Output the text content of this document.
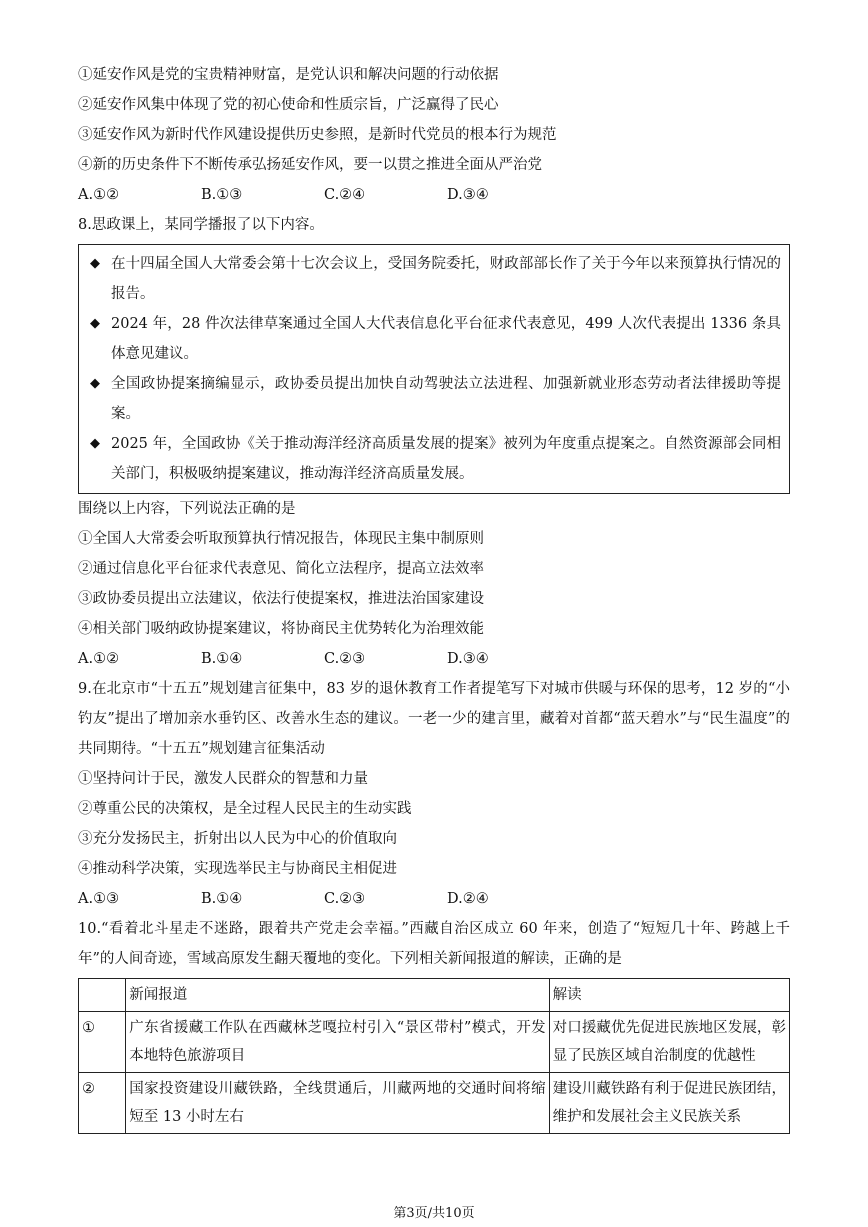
①延安作风是党的宝贵精神财富，是党认识和解决问题的行动依据
②延安作风集中体现了党的初心使命和性质宗旨，广泛赢得了民心
③延安作风为新时代作风建设提供历史参照，是新时代党员的根本行为规范
④新的历史条件下不断传承弘扬延安作风，要一以贯之推进全面从严治党
A.①②	B.①③	C.②④	D.③④
8.思政课上，某同学播报了以下内容。
◆ 在十四届全国人大常委会第十七次会议上，受国务院委托，财政部部长作了关于今年以来预算执行情况的报告。
◆ 2024 年，28 件次法律草案通过全国人大代表信息化平台征求代表意见，499 人次代表提出 1336 条具体意见建议。
◆ 全国政协提案摘编显示，政协委员提出加快自动驾驶法立法进程、加强新就业形态劳动者法律援助等提案。
◆ 2025 年，全国政协《关于推动海洋经济高质量发展的提案》被列为年度重点提案之。自然资源部会同相关部门，积极吸纳提案建议，推动海洋经济高质量发展。
围绕以上内容，下列说法正确的是
①全国人大常委会听取预算执行情况报告，体现民主集中制原则
②通过信息化平台征求代表意见、简化立法程序，提高立法效率
③政协委员提出立法建议，依法行使提案权，推进法治国家建设
④相关部门吸纳政协提案建议，将协商民主优势转化为治理效能
A.①②	B.①④	C.②③	D.③④
9.在北京市“十五五”规划建言征集中，83 岁的退休教育工作者提笔写下对城市供暖与环保的思考，12 岁的“小钓友”提出了增加亲水垂钓区、改善水生态的建议。一老一少的建言里，藏着对首都“蓝天碧水”与“民生温度”的共同期待。“十五五”规划建言征集活动
①坚持问计于民，激发人民群众的智慧和力量
②尊重公民的决策权，是全过程人民民主的生动实践
③充分发扬民主，折射出以人民为中心的价值取向
④推动科学决策，实现选举民主与协商民主相促进
A.①③	B.①④	C.②③	D.②④
10.“看着北斗星走不迷路，跟着共产党走会幸福。”西藏自治区成立 60 年来，创造了“短短几十年、跨越上千年”的人间奇迹，雪域高原发生翻天覆地的变化。下列相关新闻报道的解读，正确的是
	新闻报道	解读
①	广东省援藏工作队在西藏林芝嘎拉村引入“景区带村”模式，开发本地特色旅游项目	对口援藏优先促进民族地区发展，彰显了民族区域自治制度的优越性
②	国家投资建设川藏铁路，全线贯通后，川藏两地的交通时间将缩短至 13 小时左右	建设川藏铁路有利于促进民族团结，维护和发展社会主义民族关系
第3页/共10页
